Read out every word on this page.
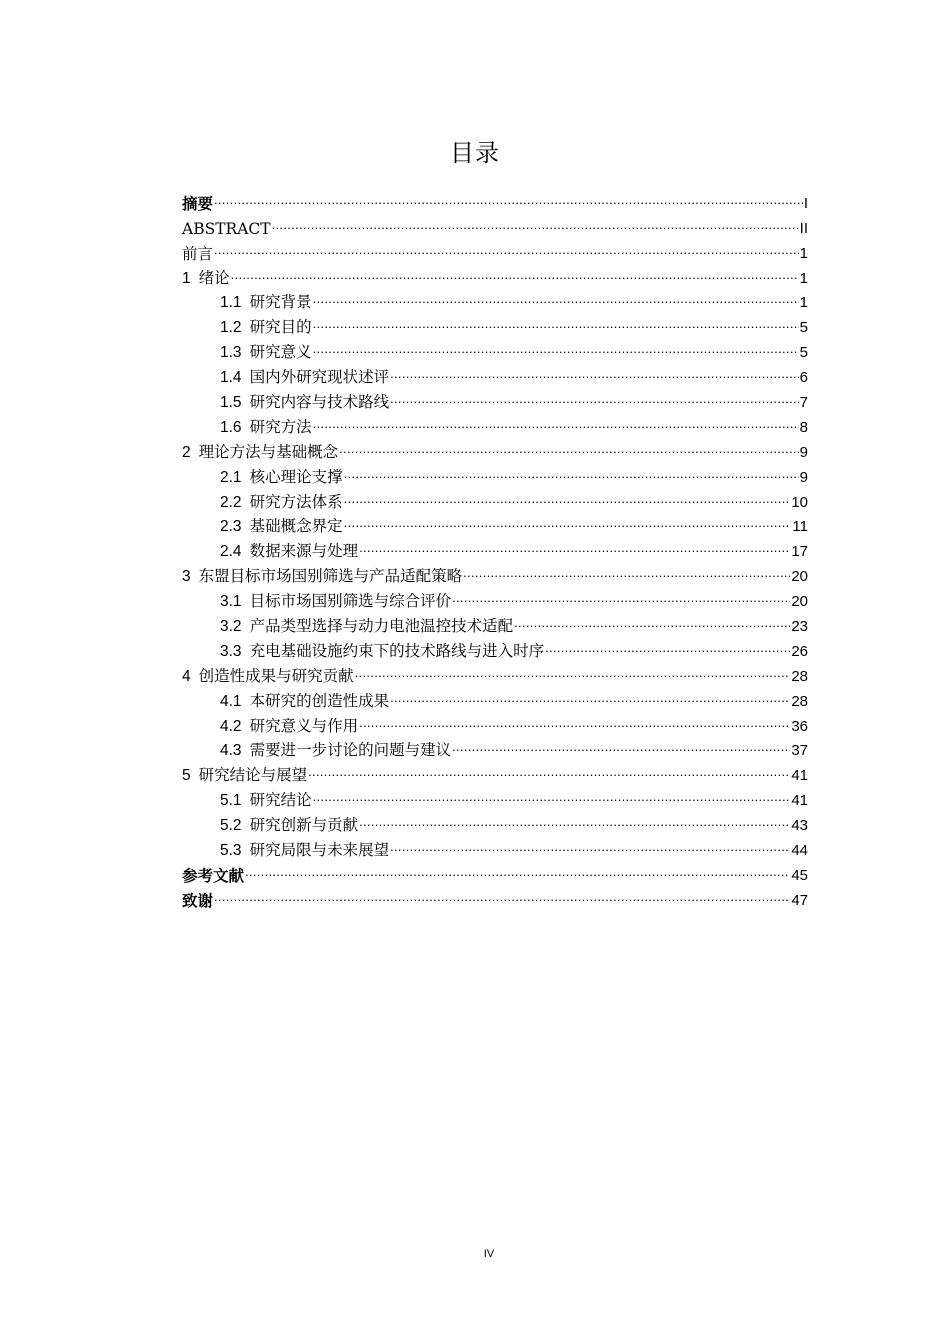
目录
摘要 .....	I
ABSTRACT .....	II
前言 .....	1
1 绪论 .....	1
1.1 研究背景 .....	1
1.2 研究目的 .....	5
1.3 研究意义 .....	5
1.4 国内外研究现状述评 .....	6
1.5 研究内容与技术路线 .....	7
1.6 研究方法 .....	8
2 理论方法与基础概念 .....	9
2.1 核心理论支撑 .....	9
2.2 研究方法体系 .....	10
2.3 基础概念界定 .....	11
2.4 数据来源与处理 .....	17
3 东盟目标市场国别筛选与产品适配策略 .....	20
3.1 目标市场国别筛选与综合评价 .....	20
3.2 产品类型选择与动力电池温控技术适配 .....	23
3.3 充电基础设施约束下的技术路线与进入时序 .....	26
4 创造性成果与研究贡献 .....	28
4.1 本研究的创造性成果 .....	28
4.2 研究意义与作用 .....	36
4.3 需要进一步讨论的问题与建议 .....	37
5 研究结论与展望 .....	41
5.1 研究结论 .....	41
5.2 研究创新与贡献 .....	43
5.3 研究局限与未来展望 .....	44
参考文献 .....	45
致谢 .....	47
IV
